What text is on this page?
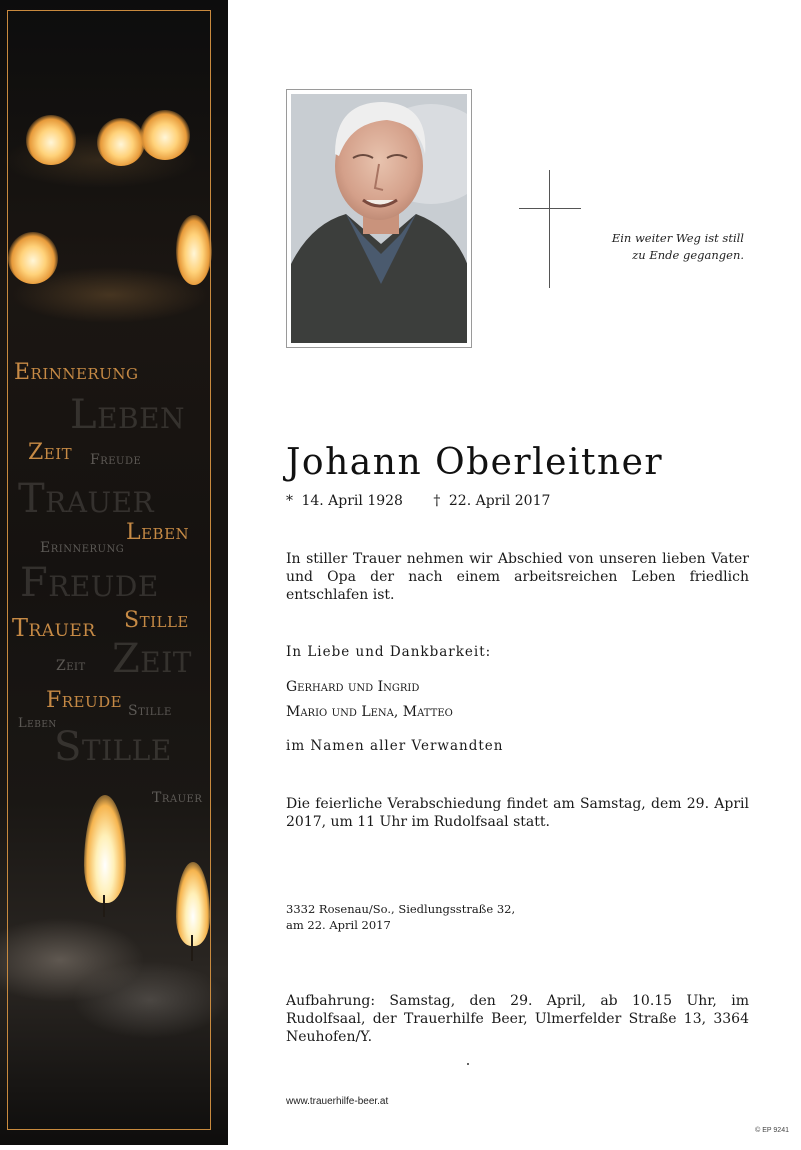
Erinnerung
Leben
Zeit Freude
Trauer
Leben
Erinnerung
Freude
Stille
Trauer
Zeit
Zeit
Freude Stille
Leben
Stille
Trauer
Ein weiter Weg ist still
zu Ende gegangen.
Johann Oberleitner
* 14. April 1928 † 22. April 2017
In stiller Trauer nehmen wir Abschied von unseren lieben Vater und Opa der nach einem arbeitsreichen Leben friedlich entschlafen ist.
In Liebe und Dankbarkeit:
Gerhard und Ingrid
Mario und Lena, Matteo
im Namen aller Verwandten
Die feierliche Verabschiedung findet am Samstag, dem 29. April 2017, um 11 Uhr im Rudolfsaal statt.
3332 Rosenau/So., Siedlungsstraße 32,
am 22. April 2017
Aufbahrung: Samstag, den 29. April, ab 10.15 Uhr, im Rudolfsaal, der Trauerhilfe Beer, Ulmerfelder Straße 13, 3364 Neuhofen/Y.
www.trauerhilfe-beer.at
© EP 9241
